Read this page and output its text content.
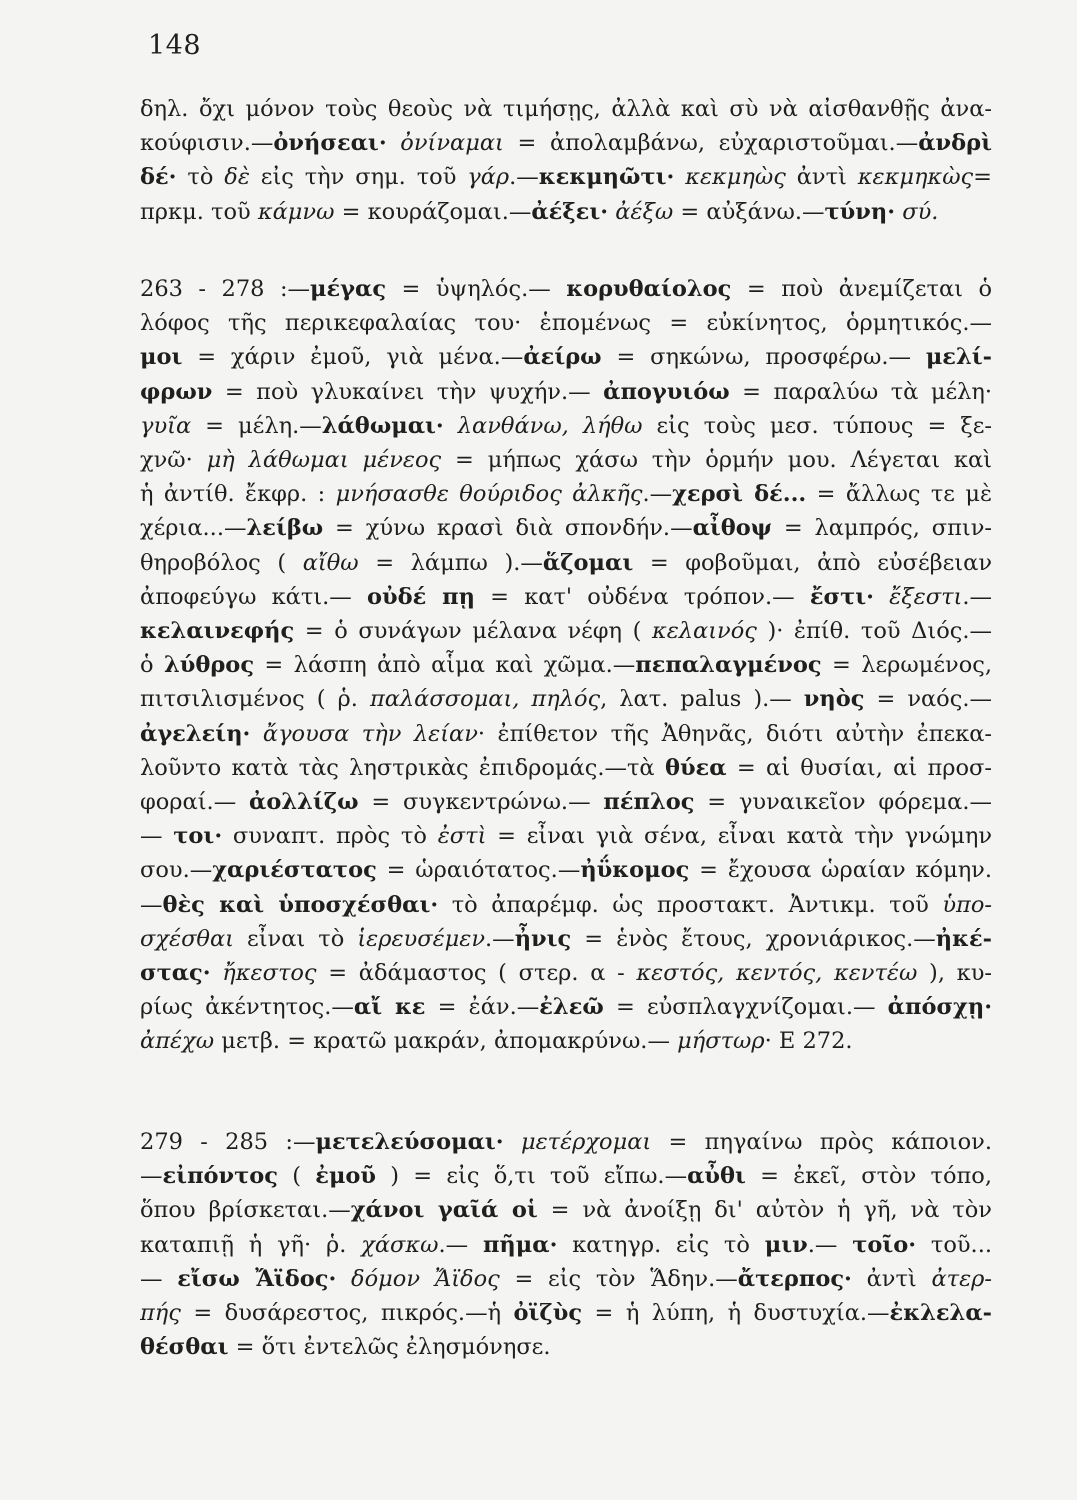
148
δηλ. ὄχι μόνον τοὺς θεοὺς νὰ τιμήσῃς, ἀλλὰ καὶ σὺ νὰ αἰσθανθῇς ἀνα-
κούφισιν.—ὀνήσεαι· ὀνίναμαι = ἀπολαμβάνω, εὐχαριστοῦμαι.—ἀνδρὶ
δέ· τὸ δὲ εἰς τὴν σημ. τοῦ γάρ.—κεκμηῶτι· κεκμηὼς ἀντὶ κεκμηκὼς=
πρκμ. τοῦ κάμνω = κουράζομαι.—ἀέξει· ἀέξω = αὐξάνω.—τύνη· σύ.
263 - 278 :—μέγας = ὑψηλός.— κορυθαίολος = ποὺ ἀνεμίζεται ὁ
λόφος τῆς περικεφαλαίας του· ἑπομένως = εὐκίνητος, ὁρμητικός.—
μοι = χάριν ἐμοῦ, γιὰ μένα.—ἀείρω = σηκώνω, προσφέρω.— μελί-
φρων = ποὺ γλυκαίνει τὴν ψυχήν.— ἀπογυιόω = παραλύω τὰ μέλη·
γυῖα = μέλη.—λάθωμαι· λανθάνω, λήθω εἰς τοὺς μεσ. τύπους = ξε-
χνῶ· μὴ λάθωμαι μένεος = μήπως χάσω τὴν ὁρμήν μου. Λέγεται καὶ
ἡ ἀντίθ. ἔκφρ. : μνήσασθε θούριδος ἀλκῆς.—χερσὶ δέ... = ἄλλως τε μὲ
χέρια...—λείβω = χύνω κρασὶ διὰ σπονδήν.—αἶθοψ = λαμπρός, σπιν-
θηροβόλος ( αἴθω = λάμπω ).—ἅζομαι = φοβοῦμαι, ἀπὸ εὐσέβειαν
ἀποφεύγω κάτι.— οὐδέ πῃ = κατ' οὐδένα τρόπον.— ἔστι· ἔξεστι.—
κελαινεφής = ὁ συνάγων μέλανα νέφη ( κελαινός )· ἐπίθ. τοῦ Διός.—
ὁ λύθρος = λάσπη ἀπὸ αἷμα καὶ χῶμα.—πεπαλαγμένος = λερωμένος,
πιτσιλισμένος ( ῥ. παλάσσομαι, πηλός, λατ. palus ).— νηὸς = ναός.—
ἀγελείη· ἄγουσα τὴν λείαν· ἐπίθετον τῆς Ἀθηνᾶς, διότι αὐτὴν ἐπεκα-
λοῦντο κατὰ τὰς ληστρικὰς ἐπιδρομάς.—τὰ θύεα = αἱ θυσίαι, αἱ προσ-
φοραί.— ἀολλίζω = συγκεντρώνω.— πέπλος = γυναικεῖον φόρεμα.—
— τοι· συναπτ. πρὸς τὸ ἐστὶ = εἶναι γιὰ σένα, εἶναι κατὰ τὴν γνώμην
σου.—χαριέστατος = ὡραιότατος.—ἠΰκομος = ἔχουσα ὡραίαν κόμην.
—θὲς καὶ ὑποσχέσθαι· τὸ ἀπαρέμφ. ὡς προστακτ. Ἀντικμ. τοῦ ὑπο-
σχέσθαι εἶναι τὸ ἱερευσέμεν.—ἦνις = ἑνὸς ἔτους, χρονιάρικος.—ἠκέ-
στας· ἤκεστος = ἀδάμαστος ( στερ. α - κεστός, κεντός, κεντέω ), κυ-
ρίως ἀκέντητος.—αἴ κε = ἐάν.—ἐλεῶ = εὐσπλαγχνίζομαι.— ἀπόσχῃ·
ἀπέχω μετβ. = κρατῶ μακράν, ἀπομακρύνω.— μήστωρ· Ε 272.
279 - 285 :—μετελεύσομαι· μετέρχομαι = πηγαίνω πρὸς κάποιον.
—εἰπόντος ( ἐμοῦ ) = εἰς ὅ,τι τοῦ εἴπω.—αὖθι = ἐκεῖ, στὸν τόπο,
ὅπου βρίσκεται.—χάνοι γαῖά οἱ = νὰ ἀνοίξῃ δι' αὐτὸν ἡ γῆ, νὰ τὸν
καταπιῇ ἡ γῆ· ῥ. χάσκω.— πῆμα· κατηγρ. εἰς τὸ μιν.— τοῖο· τοῦ...
— εἴσω Ἄϊδος· δόμον Ἄϊδος = εἰς τὸν Ἅδην.—ἄτερπος· ἀντὶ ἀτερ-
πής = δυσάρεστος, πικρός.—ἡ ὀϊζὺς = ἡ λύπη, ἡ δυστυχία.—ἐκλελα-
θέσθαι = ὅτι ἐντελῶς ἐλησμόνησε.
